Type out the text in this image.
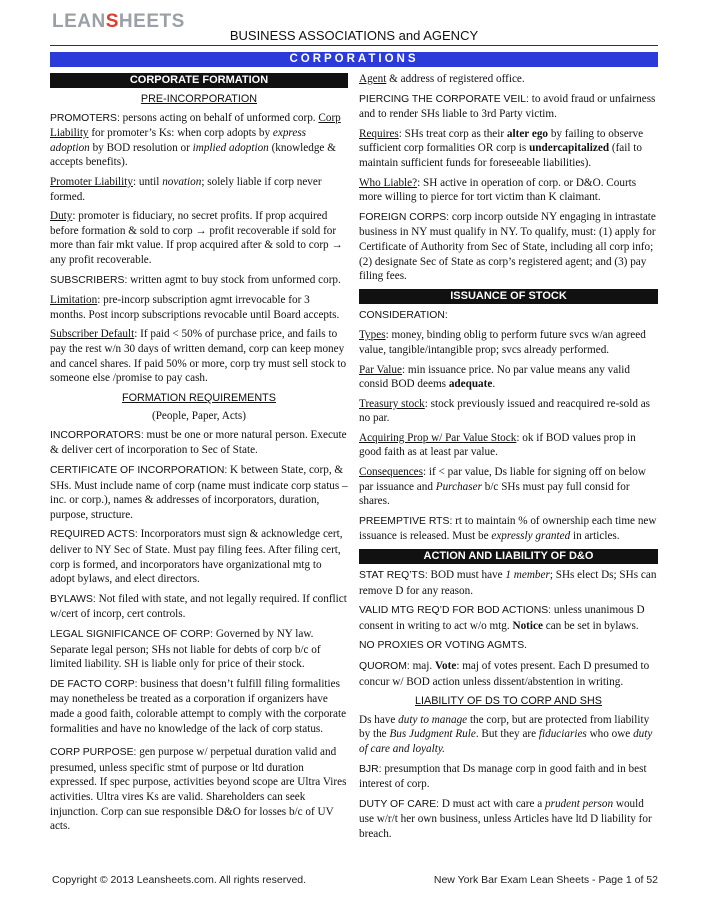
LEANSHEETS
BUSINESS ASSOCIATIONS and AGENCY
CORPORATIONS
CORPORATE FORMATION
PRE-INCORPORATION

PROMOTERS: persons acting on behalf of unformed corp. Corp Liability for promoter’s Ks: when corp adopts by express adoption by BOD resolution or implied adoption (knowledge & accepts benefits).

Promoter Liability: until novation; solely liable if corp never formed.

Duty: promoter is fiduciary, no secret profits. If prop acquired before formation & sold to corp → profit recoverable if sold for more than fair mkt value. If prop acquired after & sold to corp → any profit recoverable.

SUBSCRIBERS: written agmt to buy stock from unformed corp.

Limitation: pre-incorp subscription agmt irrevocable for 3 months. Post incorp subscriptions revocable until Board accepts.

Subscriber Default: If paid < 50% of purchase price, and fails to pay the rest w/n 30 days of written demand, corp can keep money and cancel shares. If paid 50% or more, corp try must sell stock to someone else /promise to pay cash.

FORMATION REQUIREMENTS
(People, Paper, Acts)

INCORPORATORS: must be one or more natural person. Execute & deliver cert of incorporation to Sec of State.

CERTIFICATE OF INCORPORATION: K between State, corp, & SHs. Must include name of corp (name must indicate corp status – inc. or corp.), names & addresses of incorporators, duration, purpose, structure.

REQUIRED ACTS: Incorporators must sign & acknowledge cert, deliver to NY Sec of State. Must pay filing fees. After filing cert, corp is formed, and incorporators have organizational mtg to adopt bylaws, and elect directors.

BYLAWS: Not filed with state, and not legally required. If conflict w/cert of incorp, cert controls.

LEGAL SIGNIFICANCE OF CORP: Governed by NY law. Separate legal person; SHs not liable for debts of corp b/c of limited liability. SH is liable only for price of their stock.

DE FACTO CORP: business that doesn’t fulfill filing formalities may nonetheless be treated as a corporation if organizers have made a good faith, colorable attempt to comply with the corporate formalities and have no knowledge of the lack of corp status.

CORP PURPOSE: gen purpose w/ perpetual duration valid and presumed, unless specific stmt of purpose or ltd duration expressed. If spec purpose, activities beyond scope are Ultra Vires activities. Ultra vires Ks are valid. Shareholders can seek injunction. Corp can sue responsible D&O for losses b/c of UV acts.

Agent & address of registered office.

PIERCING THE CORPORATE VEIL: to avoid fraud or unfairness and to render SHs liable to 3rd Party victim.

Requires: SHs treat corp as their alter ego by failing to observe sufficient corp formalities OR corp is undercapitalized (fail to maintain sufficient funds for foreseeable liabilities).

Who Liable?: SH active in operation of corp. or D&O. Courts more willing to pierce for tort victim than K claimant.

FOREIGN CORPS: corp incorp outside NY engaging in intrastate business in NY must qualify in NY. To qualify, must: (1) apply for Certificate of Authority from Sec of State, including all corp info; (2) designate Sec of State as corp’s registered agent; and (3) pay filing fees.

ISSUANCE OF STOCK

CONSIDERATION:

Types: money, binding oblig to perform future svcs w/an agreed value, tangible/intangible prop; svcs already performed.

Par Value: min issuance price. No par value means any valid consid BOD deems adequate.

Treasury stock: stock previously issued and reacquired re-sold as no par.

Acquiring Prop w/ Par Value Stock: ok if BOD values prop in good faith as at least par value.

Consequences: if < par value, Ds liable for signing off on below par issuance and Purchaser b/c SHs must pay full consid for shares.

PREEMPTIVE RTS: rt to maintain % of ownership each time new issuance is released. Must be expressly granted in articles.

ACTION AND LIABILITY OF D&O

STAT REQ’TS: BOD must have 1 member; SHs elect Ds; SHs can remove D for any reason.

VALID MTG REQ’D FOR BOD ACTIONS: unless unanimous D consent in writing to act w/o mtg. Notice can be set in bylaws.

NO PROXIES OR VOTING AGMTS.

QUOROM: maj. Vote: maj of votes present. Each D presumed to concur w/ BOD action unless dissent/abstention in writing.

LIABILITY OF DS TO CORP AND SHS

Ds have duty to manage the corp, but are protected from liability by the Bus Judgment Rule. But they are fiduciaries who owe duty of care and loyalty.

BJR: presumption that Ds manage corp in good faith and in best interest of corp.

DUTY OF CARE: D must act with care a prudent person would use w/r/t her own business, unless Articles have ltd D liability for breach.

Copyright © 2013 Leansheets.com. All rights reserved.	New York Bar Exam Lean Sheets - Page 1 of 52
